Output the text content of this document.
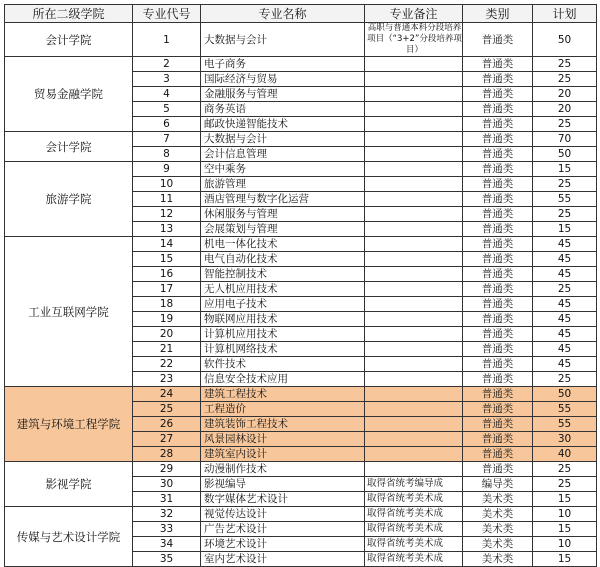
所在二级学院	专业代号	专业名称	专业备注	类别	计划
会计学院	1	大数据与会计	高职与普通本科分段培养项目（“3+2”分段培养项目）	普通类	50
贸易金融学院	2	电子商务		普通类	25
	3	国际经济与贸易		普通类	25
	4	金融服务与管理		普通类	20
	5	商务英语		普通类	20
	6	邮政快递智能技术		普通类	25
会计学院	7	大数据与会计		普通类	70
	8	会计信息管理		普通类	50
旅游学院	9	空中乘务		普通类	15
	10	旅游管理		普通类	25
	11	酒店管理与数字化运营		普通类	55
	12	休闲服务与管理		普通类	25
	13	会展策划与管理		普通类	15
工业互联网学院	14	机电一体化技术		普通类	45
	15	电气自动化技术		普通类	45
	16	智能控制技术		普通类	45
	17	无人机应用技术		普通类	25
	18	应用电子技术		普通类	45
	19	物联网应用技术		普通类	45
	20	计算机应用技术		普通类	45
	21	计算机网络技术		普通类	45
	22	软件技术		普通类	45
	23	信息安全技术应用		普通类	25
建筑与环境工程学院	24	建筑工程技术		普通类	50
	25	工程造价		普通类	55
	26	建筑装饰工程技术		普通类	55
	27	风景园林设计		普通类	30
	28	建筑室内设计		普通类	40
影视学院	29	动漫制作技术		普通类	25
	30	影视编导	取得省统考编导成	编导类	25
	31	数字媒体艺术设计	取得省统考美术成	美术类	15
传媒与艺术设计学院	32	视觉传达设计	取得省统考美术成	美术类	10
	33	广告艺术设计	取得省统考美术成	美术类	15
	34	环境艺术设计	取得省统考美术成	美术类	10
	35	室内艺术设计	取得省统考美术成	美术类	15
